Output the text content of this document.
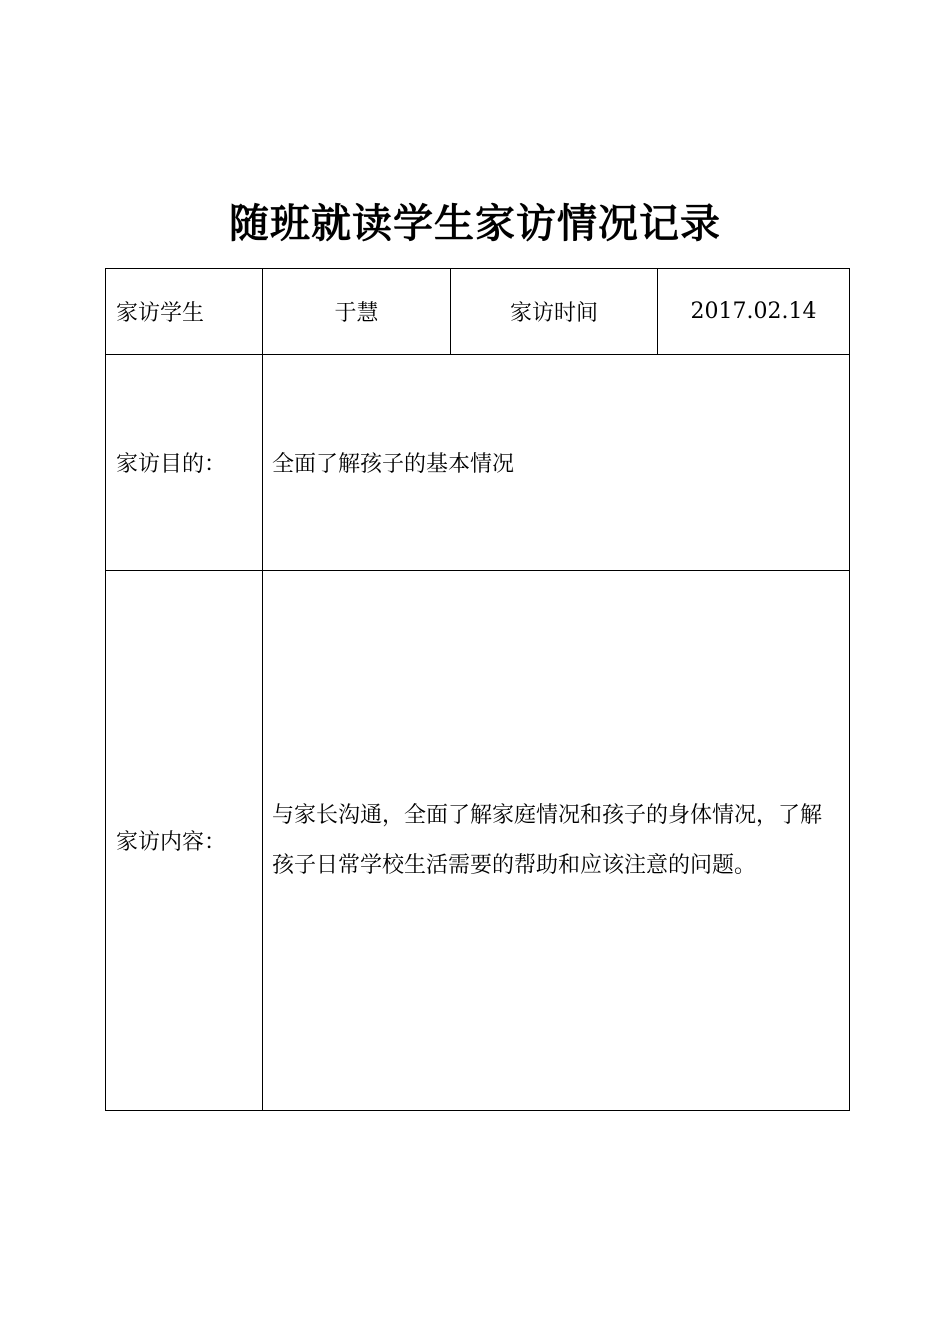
随班就读学生家访情况记录
家访学生	于慧	家访时间	2017.02.14
家访目的：	全面了解孩子的基本情况		
家访内容：	与家长沟通，全面了解家庭情况和孩子的身体情况，了解孩子日常学校生活需要的帮助和应该注意的问题。		
